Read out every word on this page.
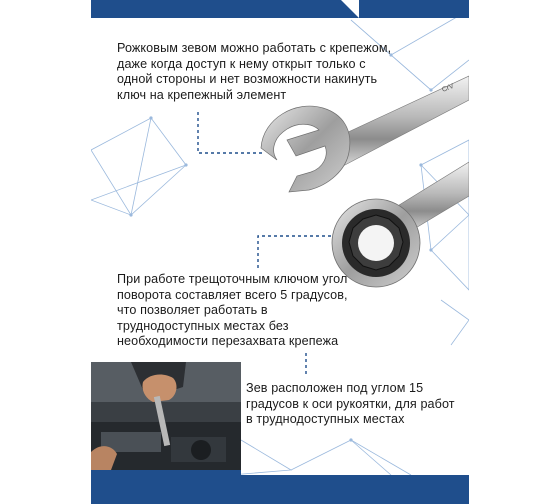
CrV
Рожковым зевом можно работать с крепежом, даже когда доступ к нему открыт только с одной стороны и нет возможности накинуть ключ на крепежный элемент
При работе трещоточным ключом угол поворота составляет всего 5 градусов, что позволяет работать в труднодоступных местах без необходимости перезахвата крепежа
Зев расположен под углом 15 градусов к оси рукоятки, для работ в труднодоступных местах
